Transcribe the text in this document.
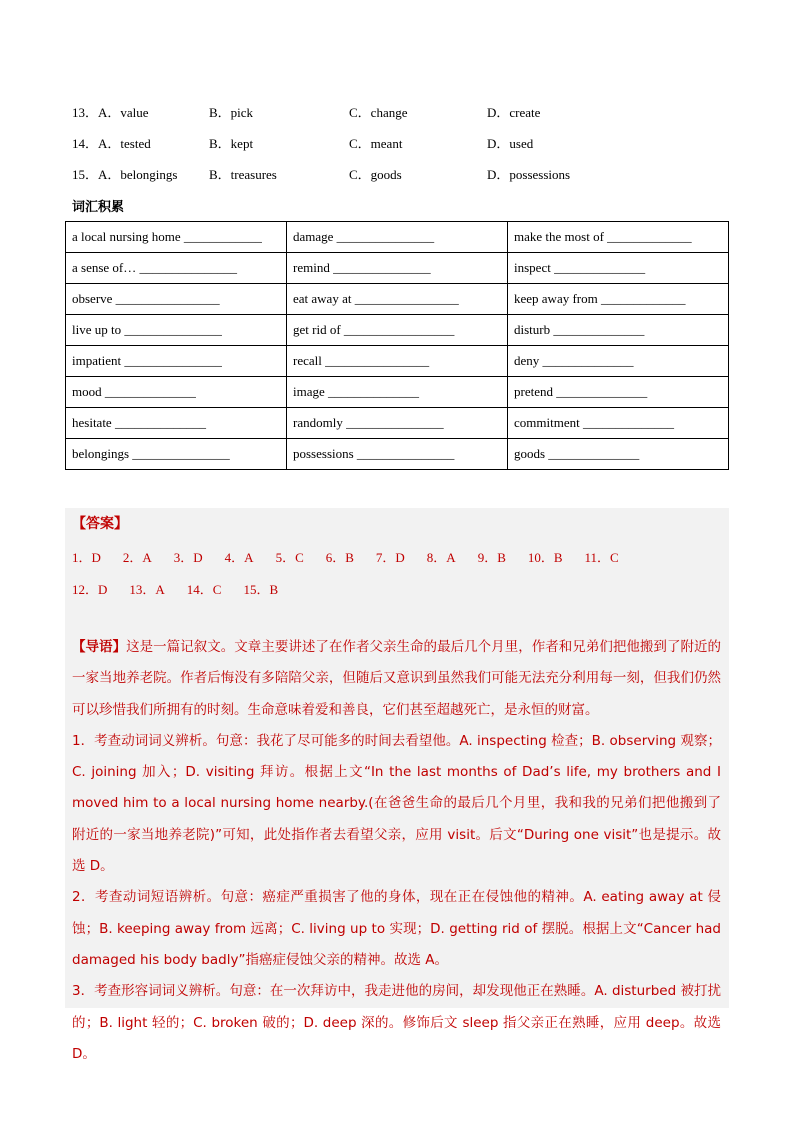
13．A．value	B．pick	C．change	D．create
14．A．tested	B．kept	C．meant	D．used
15．A．belongings B．treasures	C．goods	D．possessions
词汇积累
a local nursing home ____________	damage _______________	make the most of _____________
a sense of… _______________	remind _______________	inspect ______________
observe ________________	eat away at ________________	keep away from _____________
live up to _______________	get rid of _________________	disturb ______________
impatient _______________	recall ________________	deny ______________
mood ______________	image ______________	pretend ______________
hesitate ______________	randomly _______________	commitment ______________
belongings _______________	possessions _______________	goods ______________
【答案】
1．D 2．A 3．D 4．A 5．C 6．B 7．D 8．A 9．B 10．B 11．C
12．D 13．A 14．C 15．B

【导语】这是一篇记叙文。文章主要讲述了在作者父亲生命的最后几个月里，作者和兄弟们把他搬到了附近的一家当地养老院。作者后悔没有多陪陪父亲，但随后又意识到虽然我们可能无法充分利用每一刻，但我们仍然可以珍惜我们所拥有的时刻。生命意味着爱和善良，它们甚至超越死亡，是永恒的财富。

1．考查动词词义辨析。句意：我花了尽可能多的时间去看望他。A. inspecting 检查；B. observing 观察；C. joining 加入；D. visiting 拜访。根据上文“In the last months of Dad’s life, my brothers and I moved him to a local nursing home nearby.(在爸爸生命的最后几个月里，我和我的兄弟们把他搬到了附近的一家当地养老院)”可知，此处指作者去看望父亲，应用 visit。后文“During one visit”也是提示。故选 D。

2．考查动词短语辨析。句意：癌症严重损害了他的身体，现在正在侵蚀他的精神。A. eating away at 侵蚀；B. keeping away from 远离；C. living up to 实现；D. getting rid of 摆脱。根据上文“Cancer had damaged his body badly”指癌症侵蚀父亲的精神。故选 A。

3．考查形容词词义辨析。句意：在一次拜访中，我走进他的房间，却发现他正在熟睡。A. disturbed 被打扰的；B. light 轻的；C. broken 破的；D. deep 深的。修饰后文 sleep 指父亲正在熟睡，应用 deep。故选 D。
